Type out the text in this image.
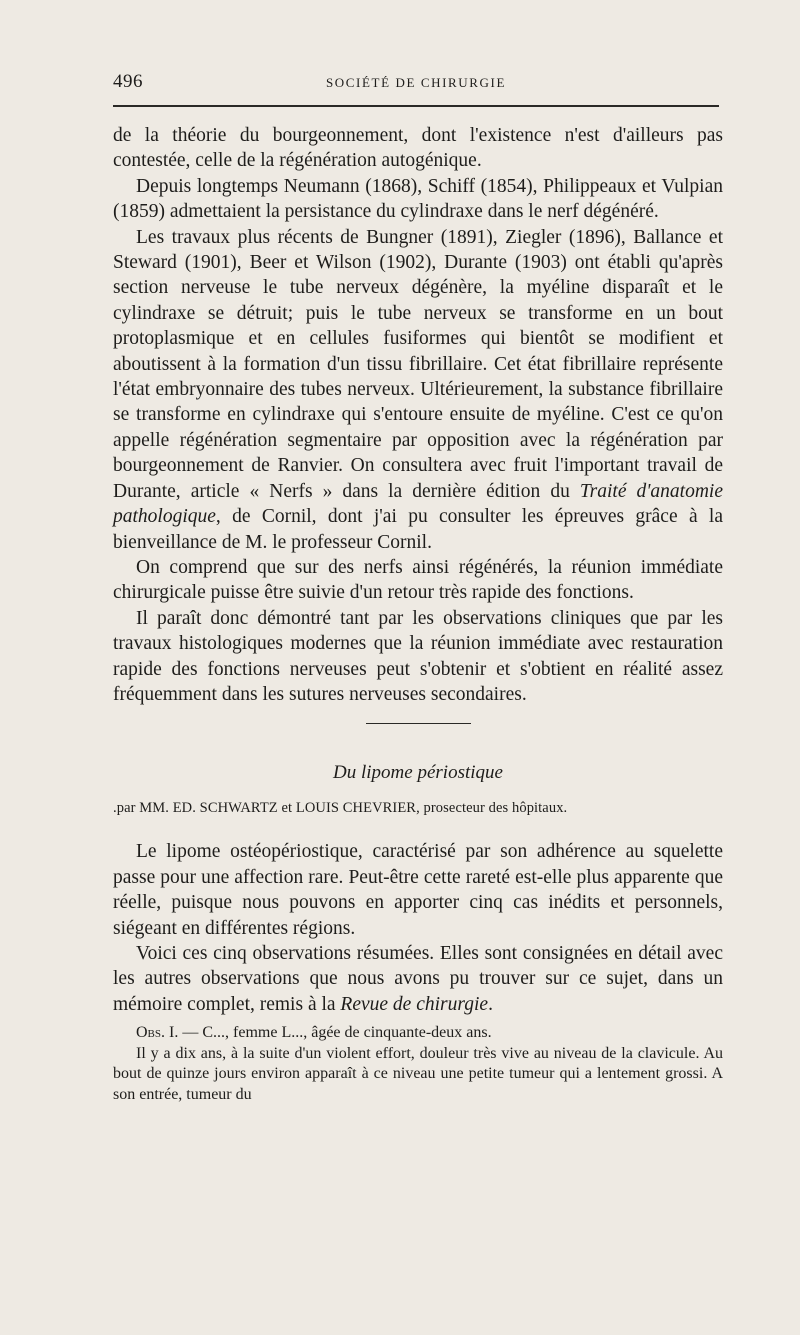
496	SOCIÉTÉ DE CHIRURGIE

de la théorie du bourgeonnement, dont l'existence n'est d'ailleurs pas contestée, celle de la régénération autogénique.

Depuis longtemps Neumann (1868), Schiff (1854), Philippeaux et Vulpian (1859) admettaient la persistance du cylindraxe dans le nerf dégénéré.

Les travaux plus récents de Bungner (1891), Ziegler (1896), Ballance et Steward (1901), Beer et Wilson (1902), Durante (1903) ont établi qu'après section nerveuse le tube nerveux dégénère, la myéline disparaît et le cylindraxe se détruit; puis le tube nerveux se transforme en un bout protoplasmique et en cellules fusiformes qui bientôt se modifient et aboutissent à la formation d'un tissu fibrillaire. Cet état fibrillaire représente l'état embryonnaire des tubes nerveux. Ultérieurement, la substance fibrillaire se transforme en cylindraxe qui s'entoure ensuite de myéline. C'est ce qu'on appelle régénération segmentaire par opposition avec la régénération par bourgeonnement de Ranvier. On consultera avec fruit l'important travail de Durante, article « Nerfs » dans la dernière édition du Traité d'anatomie pathologique, de Cornil, dont j'ai pu consulter les épreuves grâce à la bienveillance de M. le professeur Cornil.

On comprend que sur des nerfs ainsi régénérés, la réunion immédiate chirurgicale puisse être suivie d'un retour très rapide des fonctions.

Il paraît donc démontré tant par les observations cliniques que par les travaux histologiques modernes que la réunion immédiate avec restauration rapide des fonctions nerveuses peut s'obtenir et s'obtient en réalité assez fréquemment dans les sutures nerveuses secondaires.

Du lipome périostique

.par MM. ED. SCHWARTZ et LOUIS CHEVRIER, prosecteur des hôpitaux.

Le lipome ostéopériostique, caractérisé par son adhérence au squelette passe pour une affection rare. Peut-être cette rareté est-elle plus apparente que réelle, puisque nous pouvons en apporter cinq cas inédits et personnels, siégeant en différentes régions.

Voici ces cinq observations résumées. Elles sont consignées en détail avec les autres observations que nous avons pu trouver sur ce sujet, dans un mémoire complet, remis à la Revue de chirurgie.

Obs. I. — C..., femme L..., âgée de cinquante-deux ans.

Il y a dix ans, à la suite d'un violent effort, douleur très vive au niveau de la clavicule. Au bout de quinze jours environ apparaît à ce niveau une petite tumeur qui a lentement grossi. A son entrée, tumeur du
